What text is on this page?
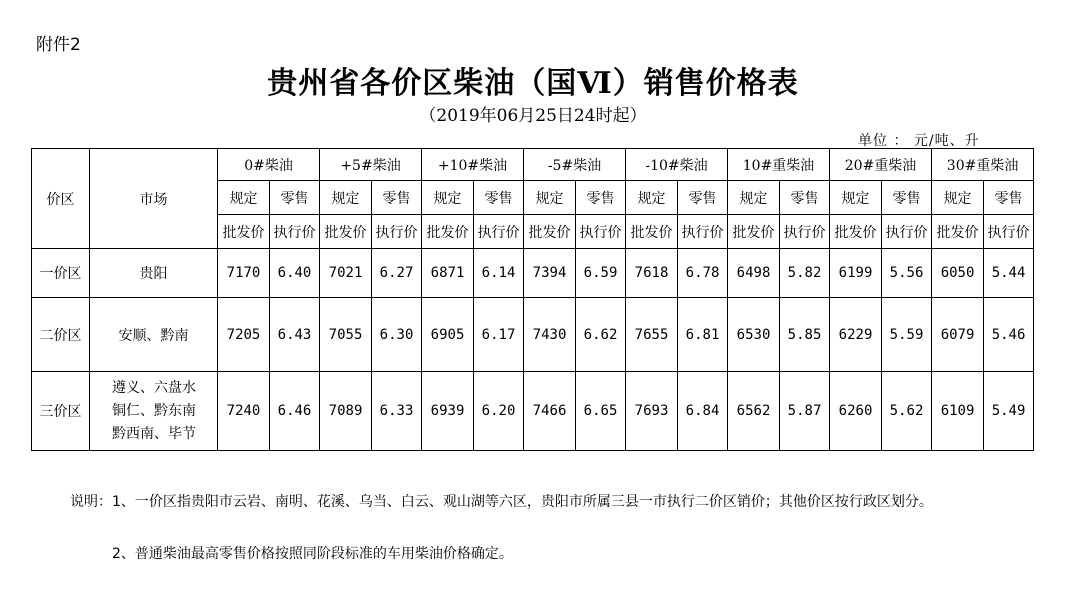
附件2
贵州省各价区柴油（国Ⅵ）销售价格表
（2019年06月25日24时起）
单位 ： 元/吨、升
价区	市场	0#柴油		+5#柴油		+10#柴油		-5#柴油		-10#柴油		10#重柴油		20#重柴油		30#重柴油	
		规定	零售	规定	零售	规定	零售	规定	零售	规定	零售	规定	零售	规定	零售	规定	零售
		批发价	执行价	批发价	执行价	批发价	执行价	批发价	执行价	批发价	执行价	批发价	执行价	批发价	执行价	批发价	执行价
一价区	贵阳	7170	6.40	7021	6.27	6871	6.14	7394	6.59	7618	6.78	6498	5.82	6199	5.56	6050	5.44
二价区	安顺、黔南	7205	6.43	7055	6.30	6905	6.17	7430	6.62	7655	6.81	6530	5.85	6229	5.59	6079	5.46
三价区	遵义、六盘水
铜仁、黔东南
黔西南、毕节	7240	6.46	7089	6.33	6939	6.20	7466	6.65	7693	6.84	6562	5.87	6260	5.62	6109	5.49
说明：1、一价区指贵阳市云岩、南明、花溪、乌当、白云、观山湖等六区，贵阳市所属三县一市执行二价区销价；其他价区按行政区划分。
2、普通柴油最高零售价格按照同阶段标准的车用柴油价格确定。
